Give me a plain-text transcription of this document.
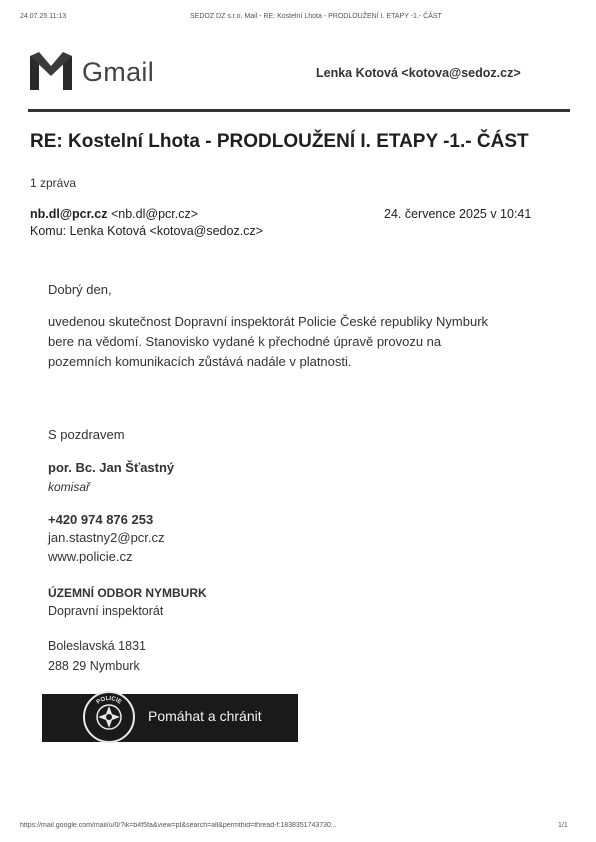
24.07.25 11:13	SEDOZ DZ s.r.o. Mail - RE: Kostelní Lhota - PRODLOUŽENÍ I. ETAPY -1.- ČÁST
Gmail	Lenka Kotová <kotova@sedoz.cz>
RE: Kostelní Lhota - PRODLOUŽENÍ I. ETAPY -1.- ČÁST
1 zpráva
nb.dl@pcr.cz <nb.dl@pcr.cz>	24. července 2025 v 10:41
Komu: Lenka Kotová <kotova@sedoz.cz>
Dobrý den,
uvedenou skutečnost Dopravní inspektorát Policie České republiky Nymburk bere na vědomí. Stanovisko vydané k přechodné úpravě provozu na pozemních komunikacích zůstává nadále v platnosti.
S pozdravem
por. Bc. Jan Šťastný
komisař
+420 974 876 253
jan.stastny2@pcr.cz
www.policie.cz
ÚZEMNÍ ODBOR NYMBURK
Dopravní inspektorát
Boleslavská 1831
288 29 Nymburk
POLICIE
Pomáhat a chránit
https://mail.google.com/mail/u/0/?ik=b4f5fa&view=pt&search=all&permthid=thread-f:1838351743730...	1/1
